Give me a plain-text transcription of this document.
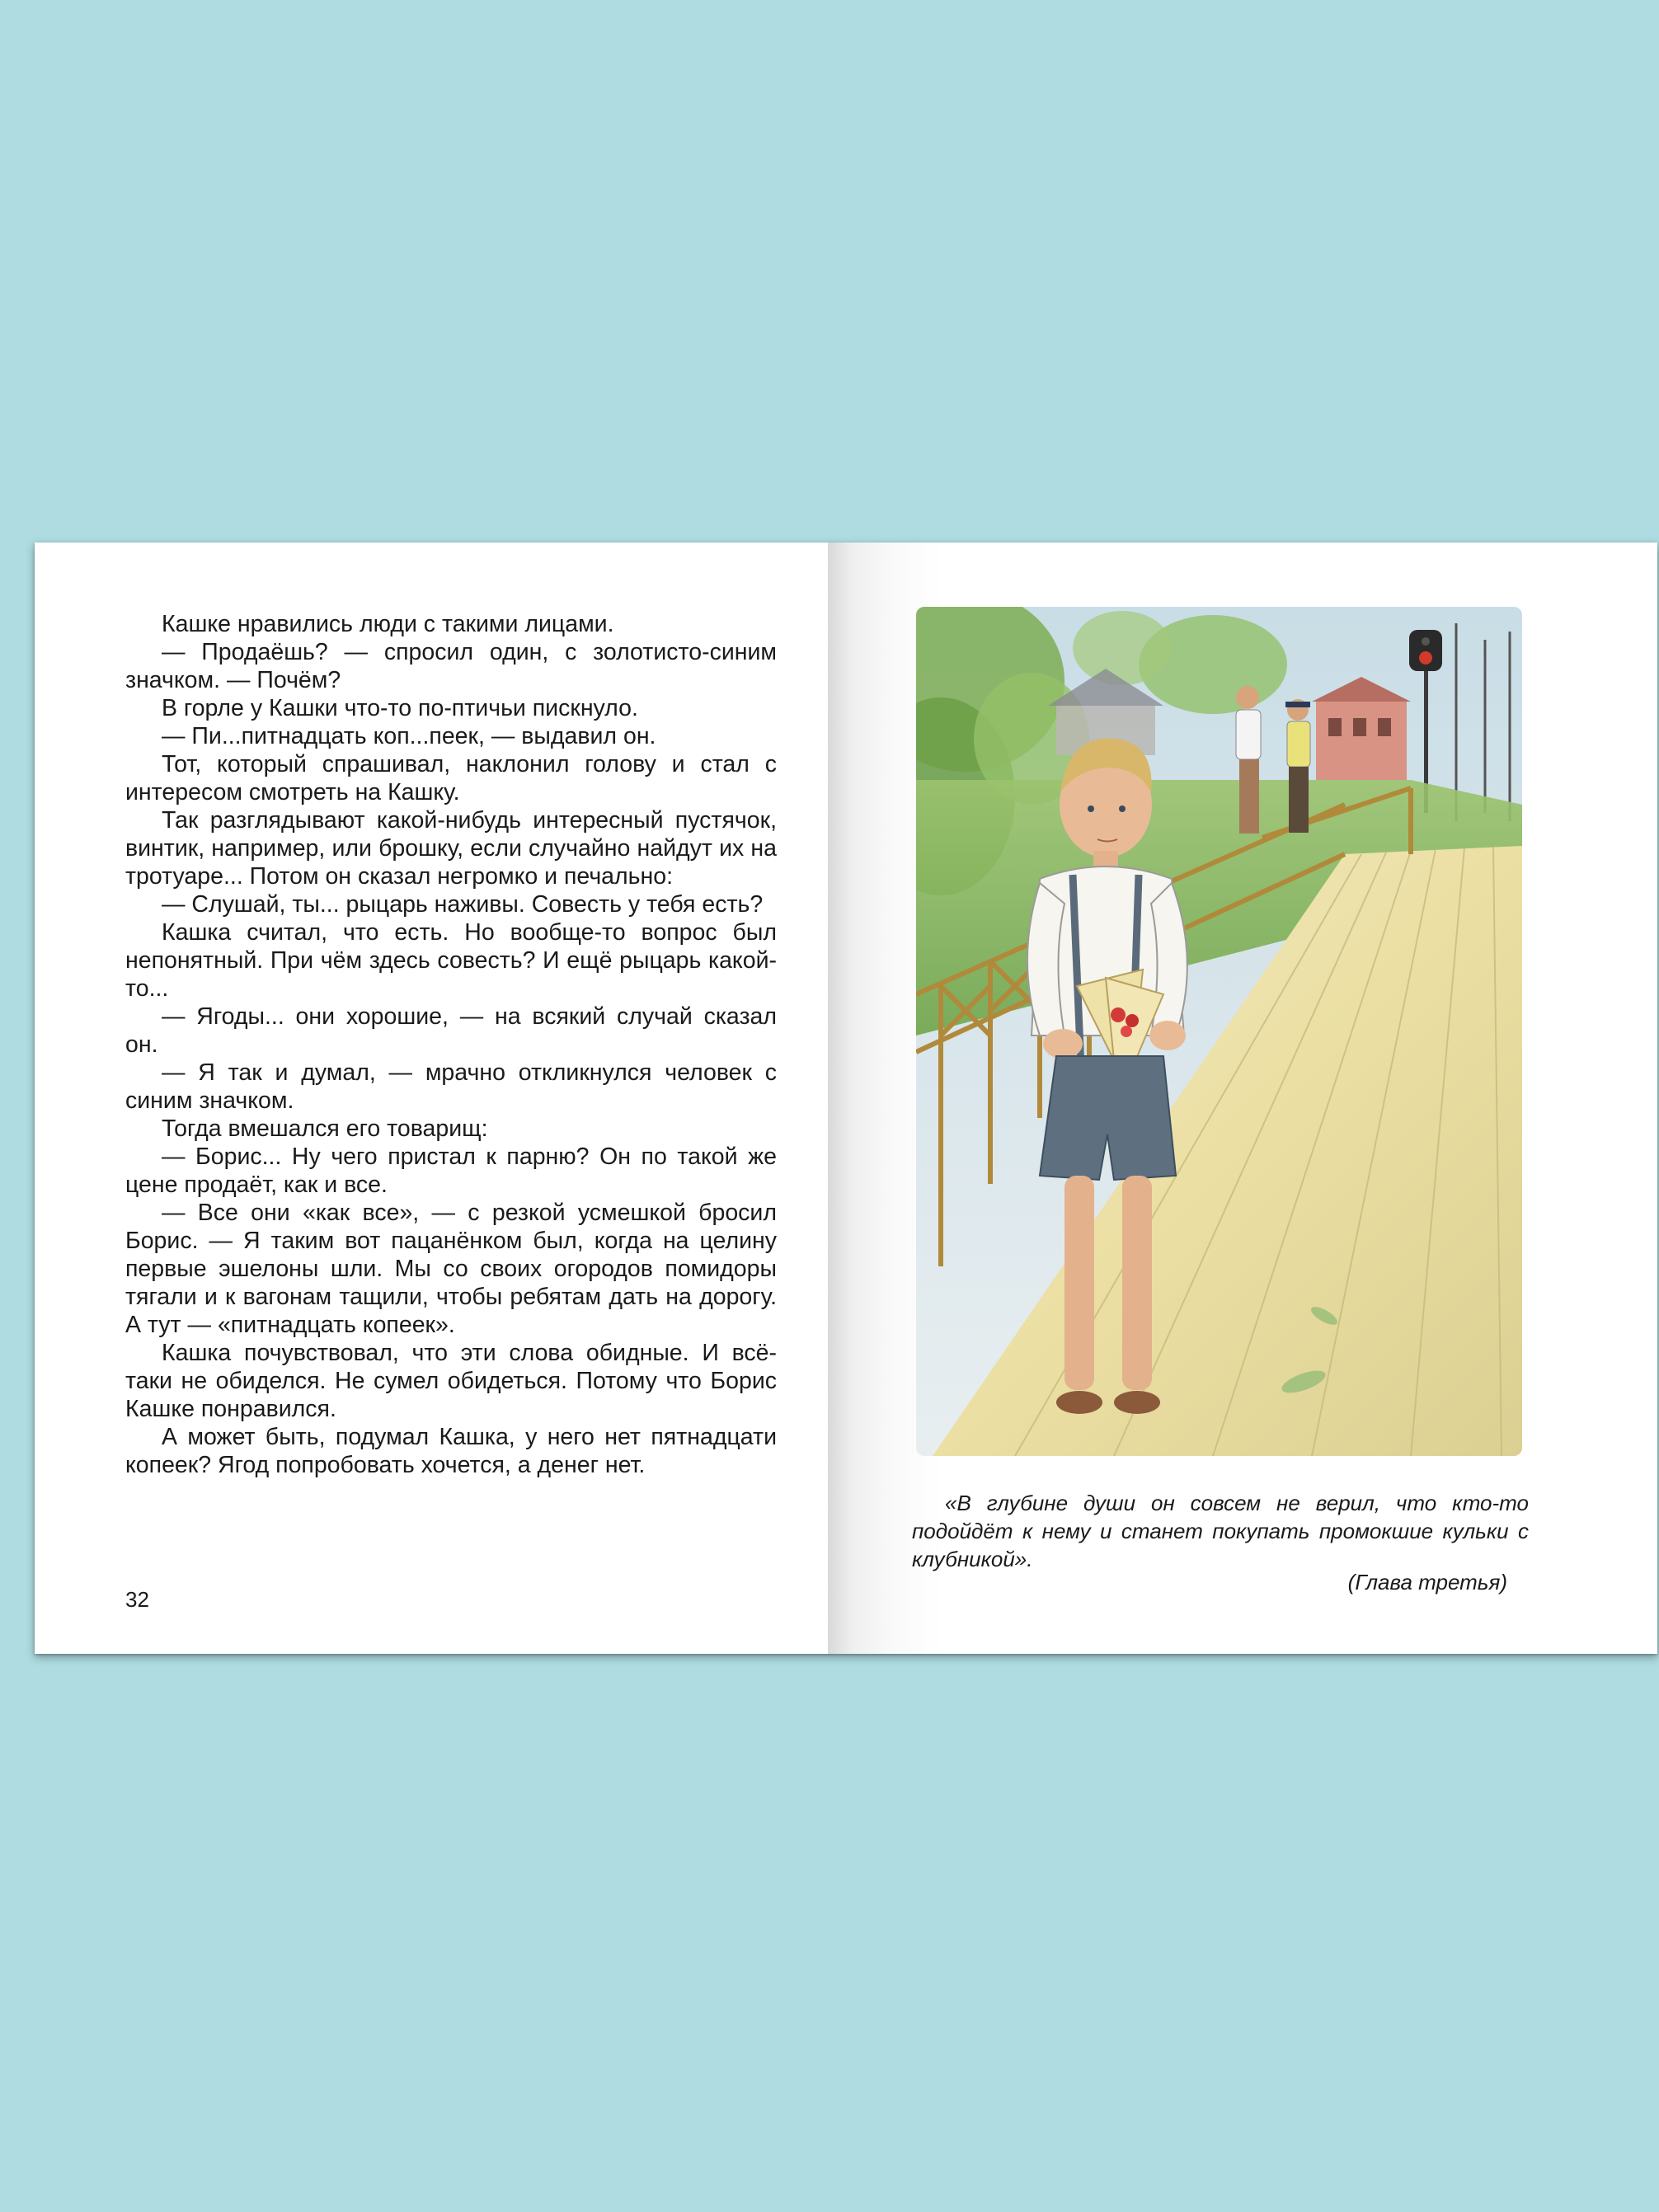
Кашке нравились люди с такими лицами.

— Продаёшь? — спросил один, с золотисто-синим значком. — Почём?

В горле у Кашки что-то по-птичьи пискнуло.

— Пи...питнадцать коп...пеек, — выдавил он.

Тот, который спрашивал, наклонил голову и стал с интересом смотреть на Кашку.

Так разглядывают какой-нибудь интересный пустячок, винтик, например, или брошку, если случайно найдут их на тротуаре... Потом он сказал негромко и печально:

— Слушай, ты... рыцарь наживы. Совесть у тебя есть?

Кашка считал, что есть. Но вообще-то вопрос был непонятный. При чём здесь совесть? И ещё рыцарь какой-то...

— Ягоды... они хорошие, — на всякий случай сказал он.

— Я так и думал, — мрачно откликнулся человек с синим значком.

Тогда вмешался его товарищ:

— Борис... Ну чего пристал к парню? Он по такой же цене продаёт, как и все.

— Все они «как все», — с резкой усмешкой бросил Борис. — Я таким вот пацанёнком был, когда на целину первые эшелоны шли. Мы со своих огородов помидоры тягали и к вагонам тащили, чтобы ребятам дать на дорогу. А тут — «питнадцать копеек».

Кашка почувствовал, что эти слова обидные. И всё-таки не обиделся. Не сумел обидеться. Потому что Борис Кашке понравился.

А может быть, подумал Кашка, у него нет пятнадцати копеек? Ягод попробовать хочется, а денег нет.

32
«В глубине души он совсем не верил, что кто-то подойдёт к нему и станет покупать промокшие кульки с клубникой».
(Глава третья)
